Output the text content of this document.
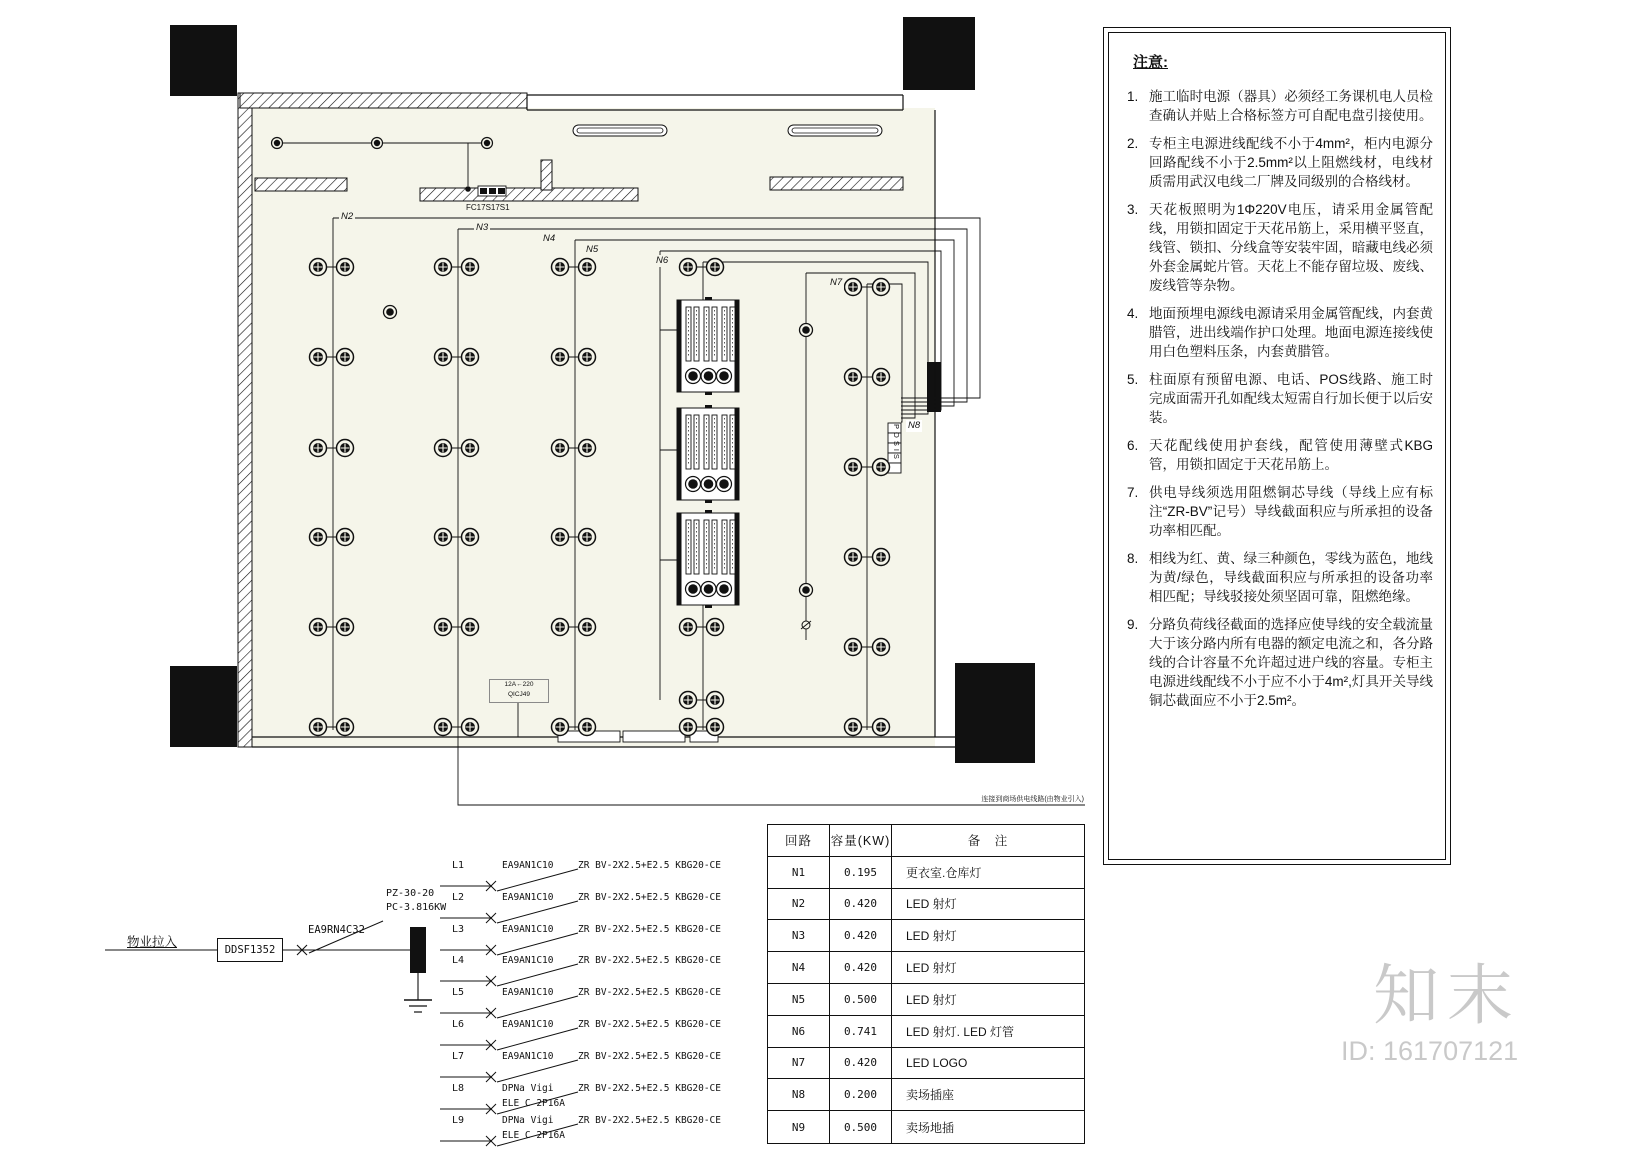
N2
N3
N4
N5
N6
N7
N8
FC17S17S1
POSIS
12A←220
QICJ49
连接到商场供电线路(由物业引入)
物业拉入
DDSF1352
EA9RN4C32
PZ-30-20
PC-3.816KW
L1	EA9AN1C10	ZR BV-2X2.5+E2.5 KBG20-CE
L2	EA9AN1C10	ZR BV-2X2.5+E2.5 KBG20-CE
L3	EA9AN1C10	ZR BV-2X2.5+E2.5 KBG20-CE
L4	EA9AN1C10	ZR BV-2X2.5+E2.5 KBG20-CE
L5	EA9AN1C10	ZR BV-2X2.5+E2.5 KBG20-CE
L6	EA9AN1C10	ZR BV-2X2.5+E2.5 KBG20-CE
L7	EA9AN1C10	ZR BV-2X2.5+E2.5 KBG20-CE
L8	DPNa Vigi
ELE C 2P16A
ZR BV-2X2.5+E2.5 KBG20-CE
L9	DPNa Vigi
ELE C 2P16A
ZR BV-2X2.5+E2.5 KBG20-CE
回路	容量(KW)	备　注
N1	0.195	更衣室.仓库灯
N2	0.420	LED 射灯
N3	0.420	LED 射灯
N4	0.420	LED 射灯
N5	0.500	LED 射灯
N6	0.741	LED 射灯. LED 灯管
N7	0.420	LED LOGO
N8	0.200	卖场插座
N9	0.500	卖场地插
注意:
1. 施工临时电源（器具）必须经工务课机电人员检查确认并贴上合格标签方可自配电盘引接使用。
2. 专柜主电源进线配线不小于4mm²，柜内电源分回路配线不小于2.5mm²以上阻燃线材，电线材质需用武汉电线二厂牌及同级别的合格线材。
3. 天花板照明为1Φ220V电压，请采用金属管配线，用锁扣固定于天花吊筋上，采用横平竖直，线管、锁扣、分线盒等安装牢固，暗藏电线必须外套金属蛇片管。天花上不能存留垃圾、废线、废线管等杂物。
4. 地面预埋电源线电源请采用金属管配线，内套黄腊管，进出线端作护口处理。地面电源连接线使用白色塑料压条，内套黄腊管。
5. 柱面原有预留电源、电话、POS线路、施工时完成面需开孔如配线太短需自行加长便于以后安装。
6. 天花配线使用护套线，配管使用薄壁式KBG管，用锁扣固定于天花吊筋上。
7. 供电导线须选用阻燃铜芯导线（导线上应有标注“ZR-BV”记号）导线截面积应与所承担的设备功率相匹配。
8. 相线为红、黄、绿三种颜色，零线为蓝色，地线为黄/绿色，导线截面积应与所承担的设备功率相匹配；导线驳接处须坚固可靠，阻燃绝缘。
9. 分路负荷线径截面的选择应使导线的安全载流量大于该分路内所有电器的额定电流之和，各分路线的合计容量不允许超过进户线的容量。专柜主电源进线配线不小于应不小于4m²,灯具开关导线铜芯截面应不小于2.5m²。
知末
ID: 161707121
